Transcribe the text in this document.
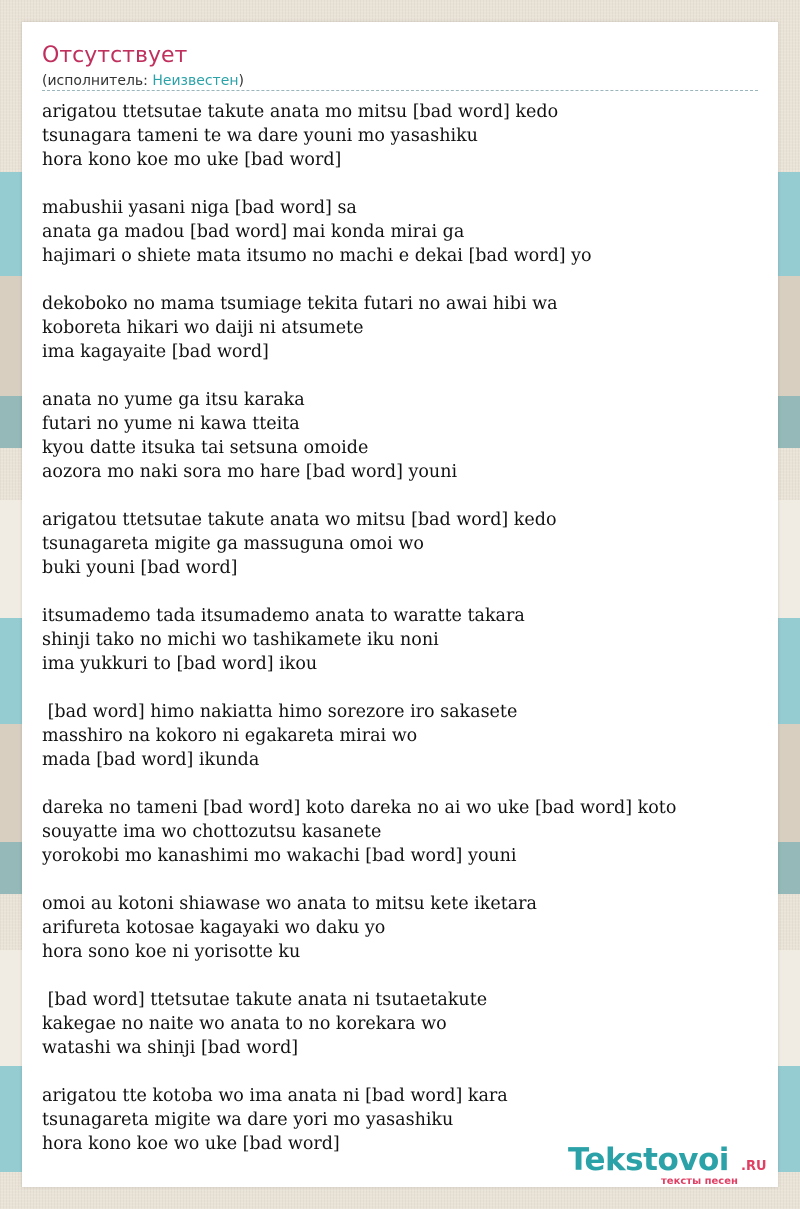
Отсутствует
(исполнитель: Неизвестен)
arigatou ttetsutae takute anata mo mitsu [bad word] kedo
tsunagara tameni te wa dare youni mo yasashiku
hora kono koe mo uke [bad word]
mabushii yasani niga [bad word] sa
anata ga madou [bad word] mai konda mirai ga
hajimari o shiete mata itsumo no machi e dekai [bad word] yo
dekoboko no mama tsumiage tekita futari no awai hibi wa
koboreta hikari wo daiji ni atsumete
ima kagayaite [bad word]
anata no yume ga itsu karaka
futari no yume ni kawa tteita
kyou datte itsuka tai setsuna omoide
aozora mo naki sora mo hare [bad word] youni
arigatou ttetsutae takute anata wo mitsu [bad word] kedo
tsunagareta migite ga massuguna omoi wo
buki youni [bad word]
itsumademo tada itsumademo anata to waratte takara
shinji tako no michi wo tashikamete iku noni
ima yukkuri to [bad word] ikou
[bad word] himo nakiatta himo sorezore iro sakasete
masshiro na kokoro ni egakareta mirai wo
mada [bad word] ikunda
dareka no tameni [bad word] koto dareka no ai wo uke [bad word] koto
souyatte ima wo chottozutsu kasanete
yorokobi mo kanashimi mo wakachi [bad word] youni
omoi au kotoni shiawase wo anata to mitsu kete iketara
arifureta kotosae kagayaki wo daku yo
hora sono koe ni yorisotte ku
[bad word] ttetsutae takute anata ni tsutaetakute
kakegae no naite wo anata to no korekara wo
watashi wa shinji [bad word]
arigatou tte kotoba wo ima anata ni [bad word] kara
tsunagareta migite wa dare yori mo yasashiku
hora kono koe wo uke [bad word]	Tekstovoi .RU
тексты песен
